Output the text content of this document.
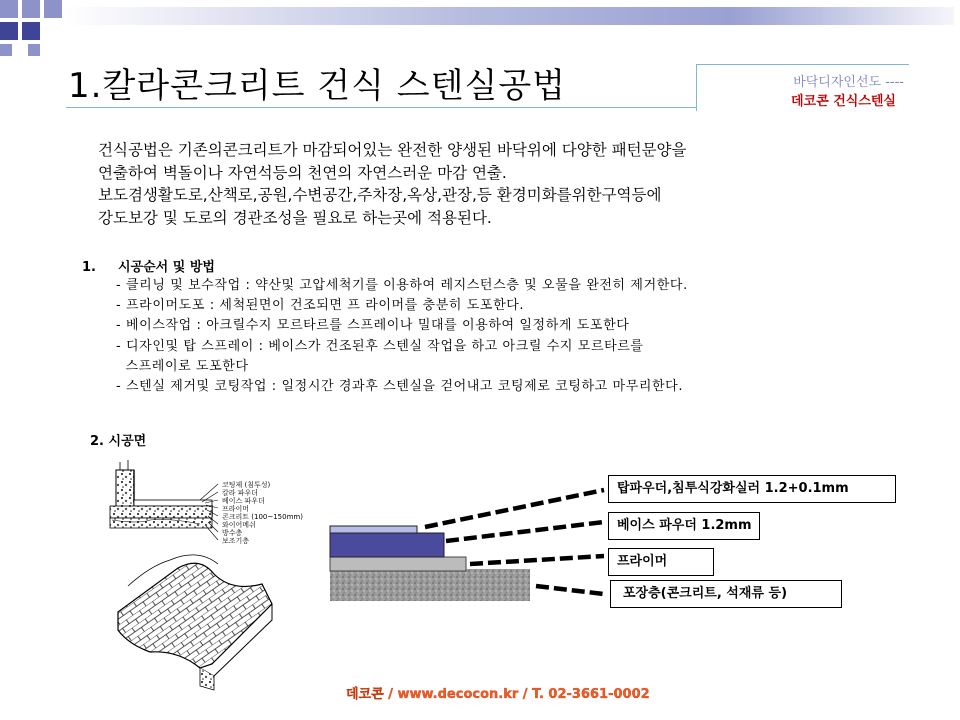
1.칼라콘크리트 건식 스텐실공법	바닥디자인선도 ----
데코콘 건식스텐실
건식공법은 기존의콘크리트가 마감되어있는 완전한 양생된 바닥위에 다양한 패턴문양을
연출하여 벽돌이나 자연석등의 천연의 자연스러운 마감 연출.
보도겸생활도로,산책로,공원,수변공간,주차장,옥상,관장,등 환경미화를위한구역등에
강도보강 및 도로의 경관조성을 필요로 하는곳에 적용된다.
1. 시공순서 및 방법
- 클리닝 및 보수작업 : 약산및 고압세척기를 이용하여 레지스턴스층 및 오물을 완전히 제거한다.
- 프라이머도포 : 세척된면이 건조되면 프 라이머를 충분히 도포한다.
- 베이스작업 : 아크릴수지 모르타르를 스프레이나 밀대를 이용하여 일정하게 도포한다
- 디자인및 탑 스프레이 : 베이스가 건조된후 스텐실 작업을 하고 아크릴 수지 모르타르를
스프레이로 도포한다
- 스텐실 제거및 코팅작업 : 일정시간 경과후 스텐실을 걷어내고 코팅제로 코팅하고 마무리한다.
2. 시공면
코팅제 (침투성)
칼라 파우더
베이스 파우더
프라이머
콘크리트 (100~150mm)
와이어메쉬
방수층
보조기층
탑파우더,침투식강화실러 1.2+0.1mm
베이스 파우더 1.2mm
프라이머
포장층(콘크리트, 석재류 등)
데코콘 / www.decocon.kr / T. 02-3661-0002
